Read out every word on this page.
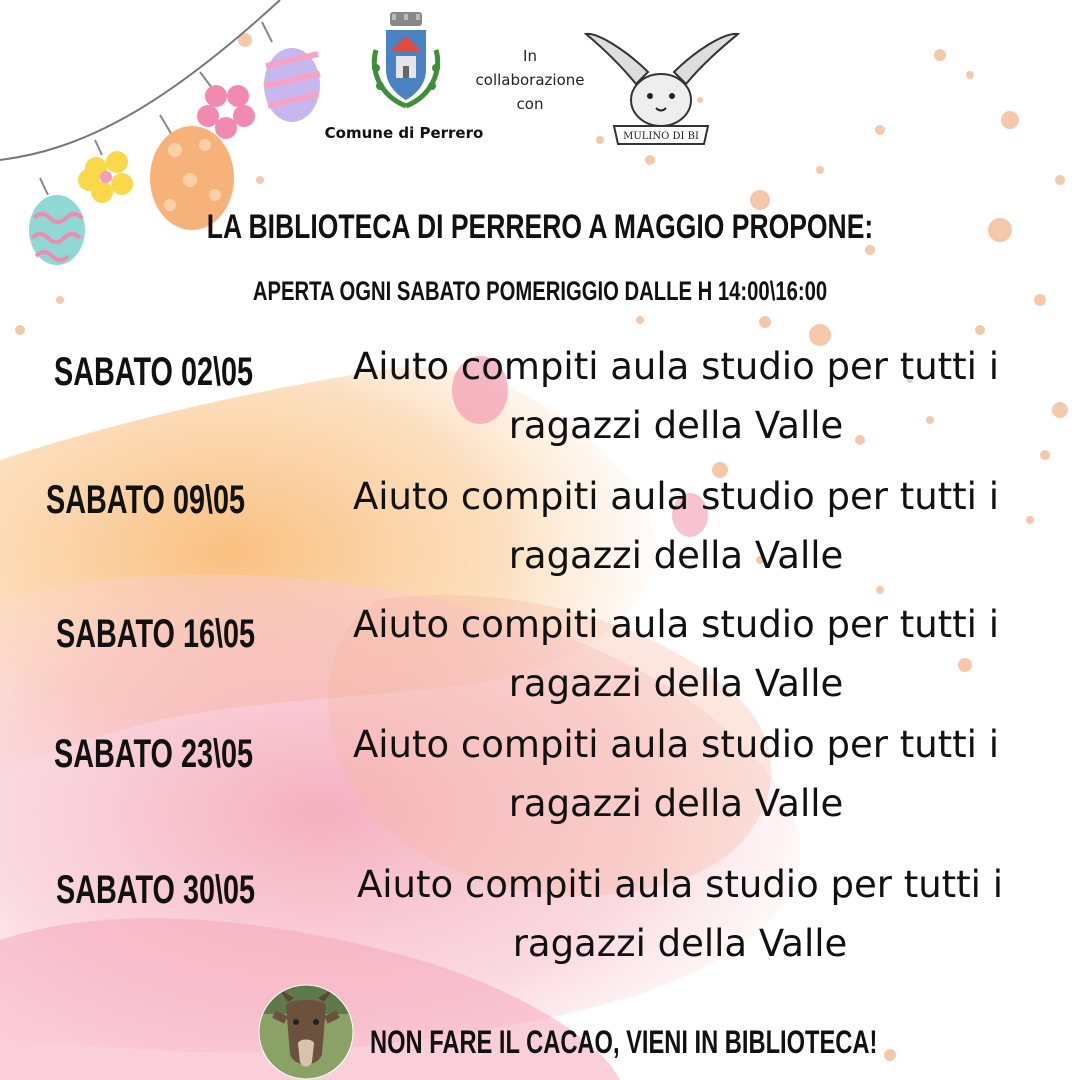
Comune di Perrero
In
collaborazione
con
MULINO DI BI
LA BIBLIOTECA DI PERRERO A MAGGIO PROPONE:
APERTA OGNI SABATO POMERIGGIO DALLE H 14:00\16:00
SABATO 02\05	Aiuto compiti aula studio per tutti i
ragazzi della Valle
SABATO 09\05	Aiuto compiti aula studio per tutti i
ragazzi della Valle
SABATO 16\05	Aiuto compiti aula studio per tutti i
ragazzi della Valle
SABATO 23\05	Aiuto compiti aula studio per tutti i
ragazzi della Valle
SABATO 30\05	Aiuto compiti aula studio per tutti i
ragazzi della Valle
NON FARE IL CACAO, VIENI IN BIBLIOTECA!
